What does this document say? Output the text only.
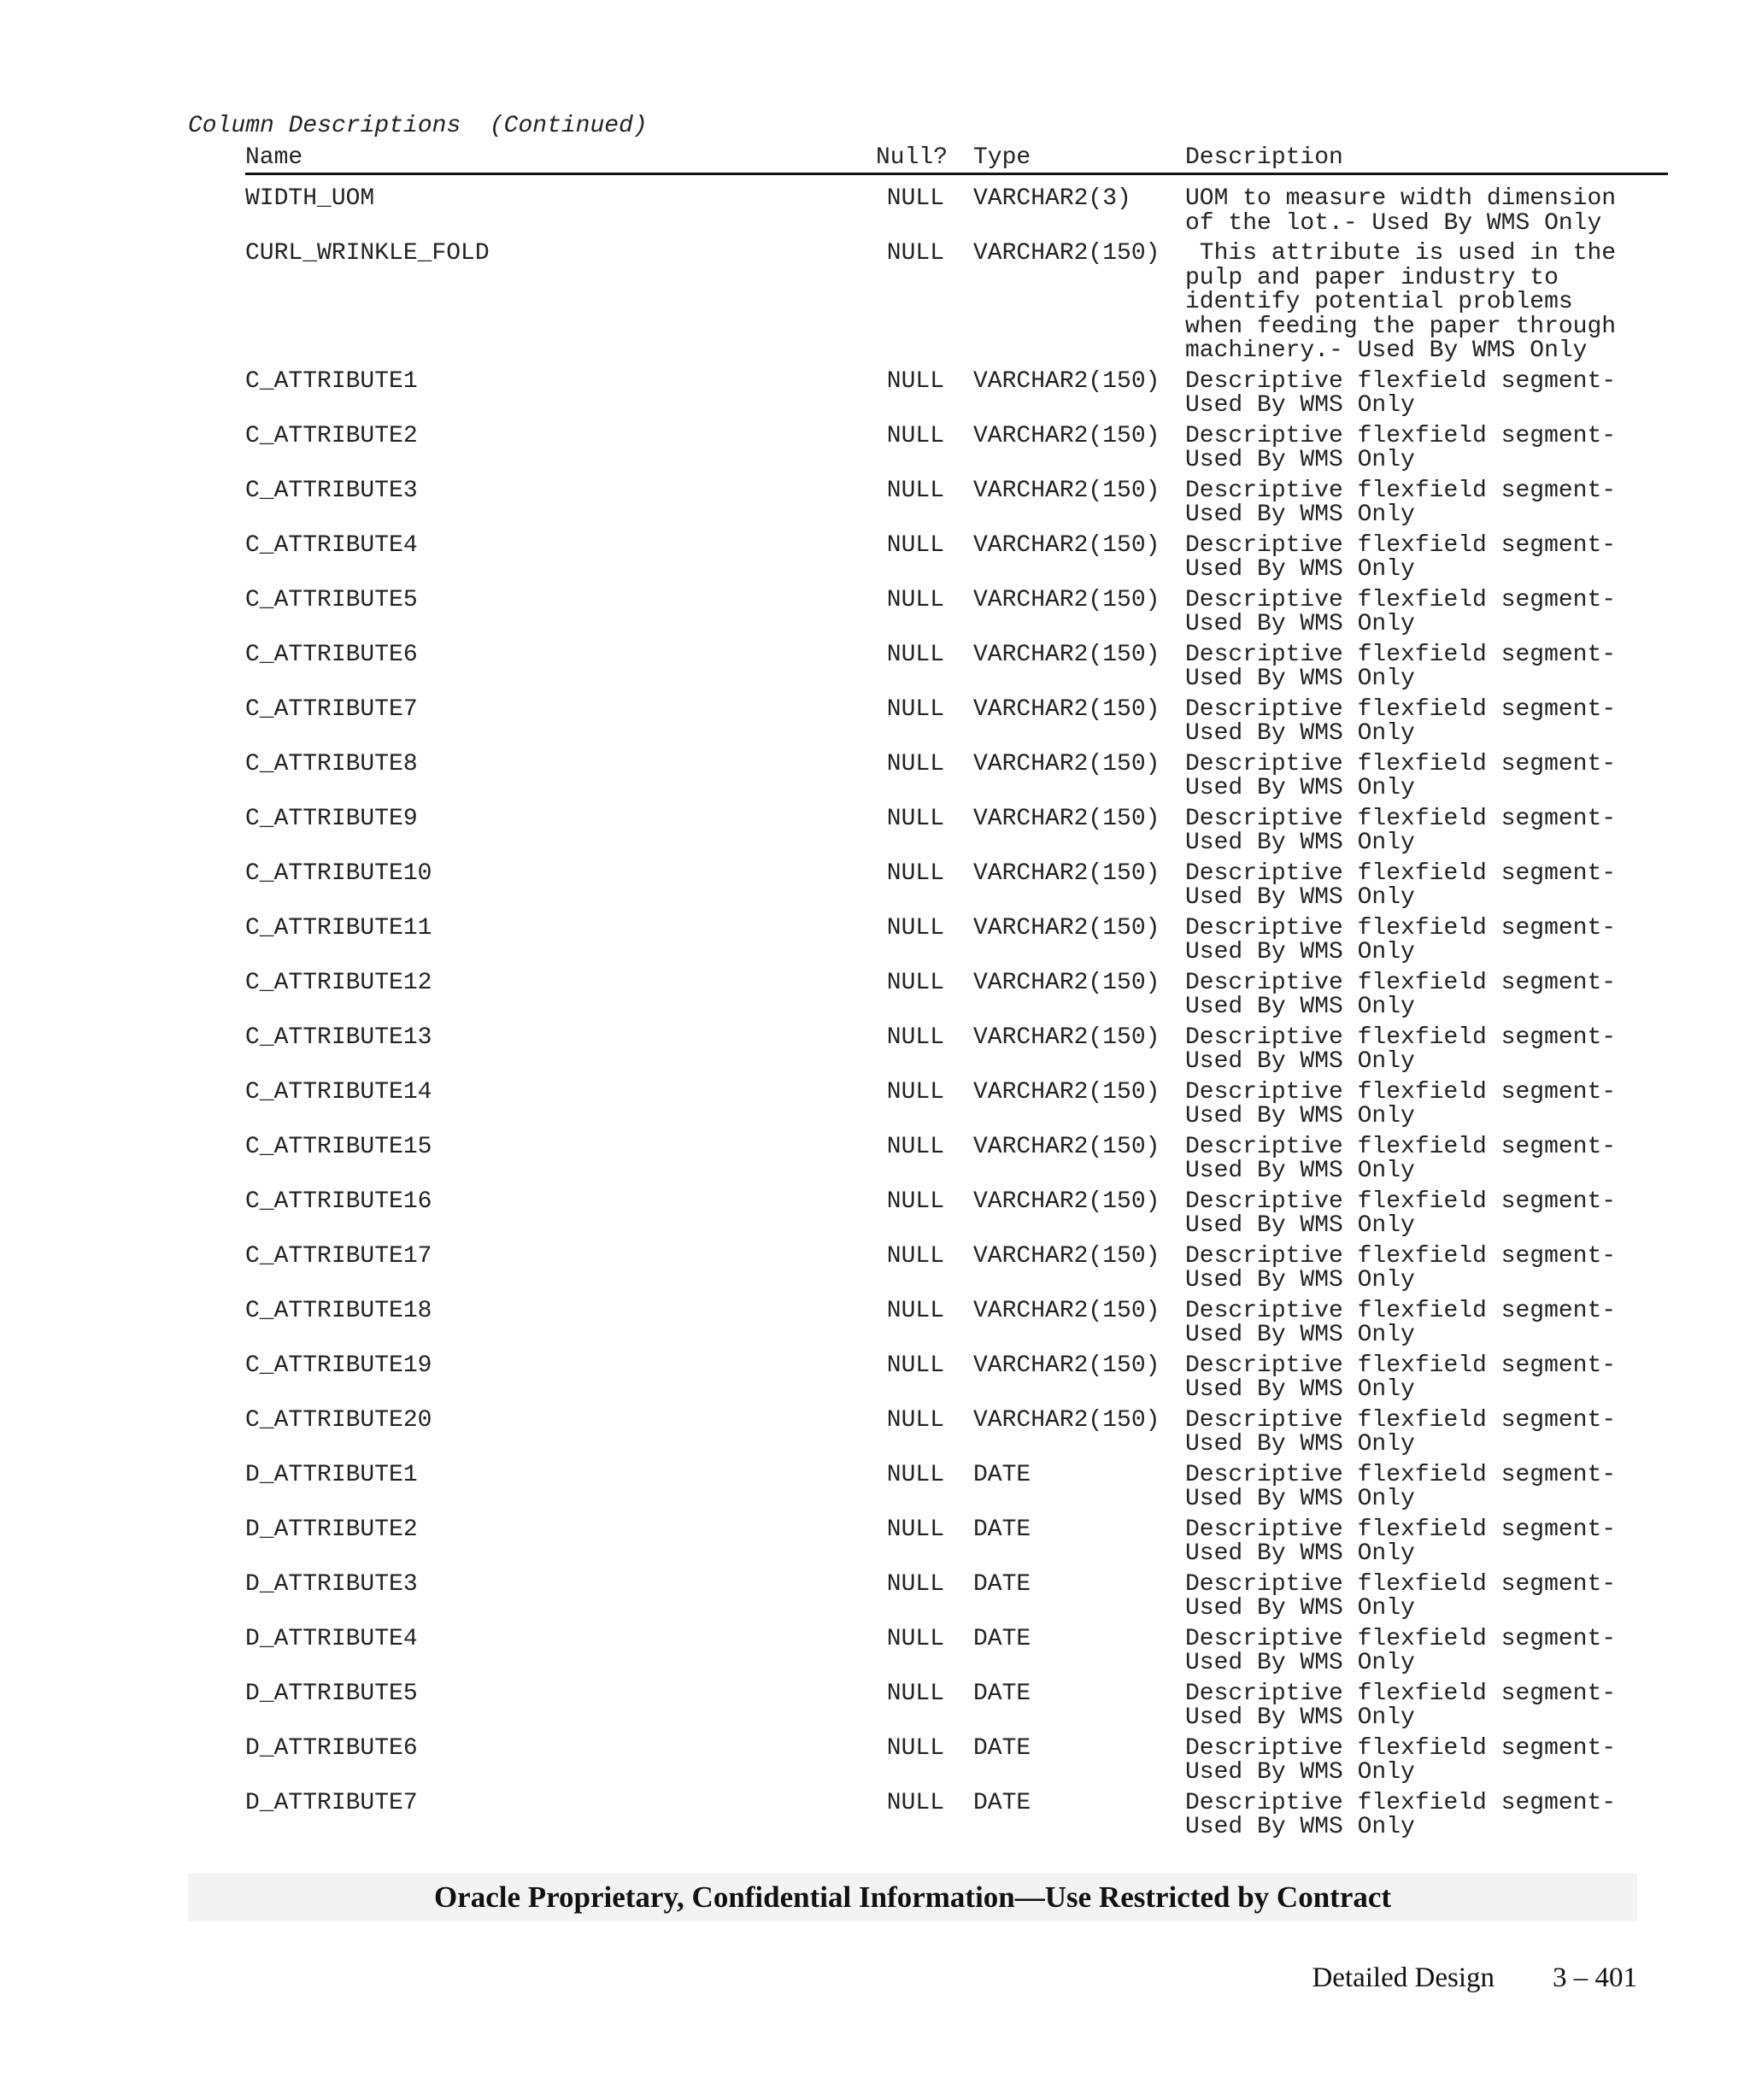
Column Descriptions  (Continued)
Name	Null? Type	Description
WIDTH_UOM	NULL VARCHAR2(3) UOM to measure width dimension
of the lot.- Used By WMS Only
CURL_WRINKLE_FOLD	NULL VARCHAR2(150)	This attribute is used in the
pulp and paper industry to
identify potential problems
when feeding the paper through
machinery.- Used By WMS Only
C_ATTRIBUTE1	NULL VARCHAR2(150) Descriptive flexfield segment-
Used By WMS Only
C_ATTRIBUTE2	NULL VARCHAR2(150) Descriptive flexfield segment-
Used By WMS Only
C_ATTRIBUTE3	NULL VARCHAR2(150) Descriptive flexfield segment-
Used By WMS Only
C_ATTRIBUTE4	NULL VARCHAR2(150) Descriptive flexfield segment-
Used By WMS Only
C_ATTRIBUTE5	NULL VARCHAR2(150) Descriptive flexfield segment-
Used By WMS Only
C_ATTRIBUTE6	NULL VARCHAR2(150) Descriptive flexfield segment-
Used By WMS Only
C_ATTRIBUTE7	NULL VARCHAR2(150) Descriptive flexfield segment-
Used By WMS Only
C_ATTRIBUTE8	NULL VARCHAR2(150) Descriptive flexfield segment-
Used By WMS Only
C_ATTRIBUTE9	NULL VARCHAR2(150) Descriptive flexfield segment-
Used By WMS Only
C_ATTRIBUTE10	NULL VARCHAR2(150) Descriptive flexfield segment-
Used By WMS Only
C_ATTRIBUTE11	NULL VARCHAR2(150) Descriptive flexfield segment-
Used By WMS Only
C_ATTRIBUTE12	NULL VARCHAR2(150) Descriptive flexfield segment-
Used By WMS Only
C_ATTRIBUTE13	NULL VARCHAR2(150) Descriptive flexfield segment-
Used By WMS Only
C_ATTRIBUTE14	NULL VARCHAR2(150) Descriptive flexfield segment-
Used By WMS Only
C_ATTRIBUTE15	NULL VARCHAR2(150) Descriptive flexfield segment-
Used By WMS Only
C_ATTRIBUTE16	NULL VARCHAR2(150) Descriptive flexfield segment-
Used By WMS Only
C_ATTRIBUTE17	NULL VARCHAR2(150) Descriptive flexfield segment-
Used By WMS Only
C_ATTRIBUTE18	NULL VARCHAR2(150) Descriptive flexfield segment-
Used By WMS Only
C_ATTRIBUTE19	NULL VARCHAR2(150) Descriptive flexfield segment-
Used By WMS Only
C_ATTRIBUTE20	NULL VARCHAR2(150) Descriptive flexfield segment-
Used By WMS Only
D_ATTRIBUTE1	NULL DATE	Descriptive flexfield segment-
Used By WMS Only
D_ATTRIBUTE2	NULL DATE	Descriptive flexfield segment-
Used By WMS Only
D_ATTRIBUTE3	NULL DATE	Descriptive flexfield segment-
Used By WMS Only
D_ATTRIBUTE4	NULL DATE	Descriptive flexfield segment-
Used By WMS Only
D_ATTRIBUTE5	NULL DATE	Descriptive flexfield segment-
Used By WMS Only
D_ATTRIBUTE6	NULL DATE	Descriptive flexfield segment-
Used By WMS Only
D_ATTRIBUTE7	NULL DATE	Descriptive flexfield segment-
Used By WMS Only
Oracle Proprietary, Confidential Information––Use Restricted by Contract
Detailed Design 3 – 401
